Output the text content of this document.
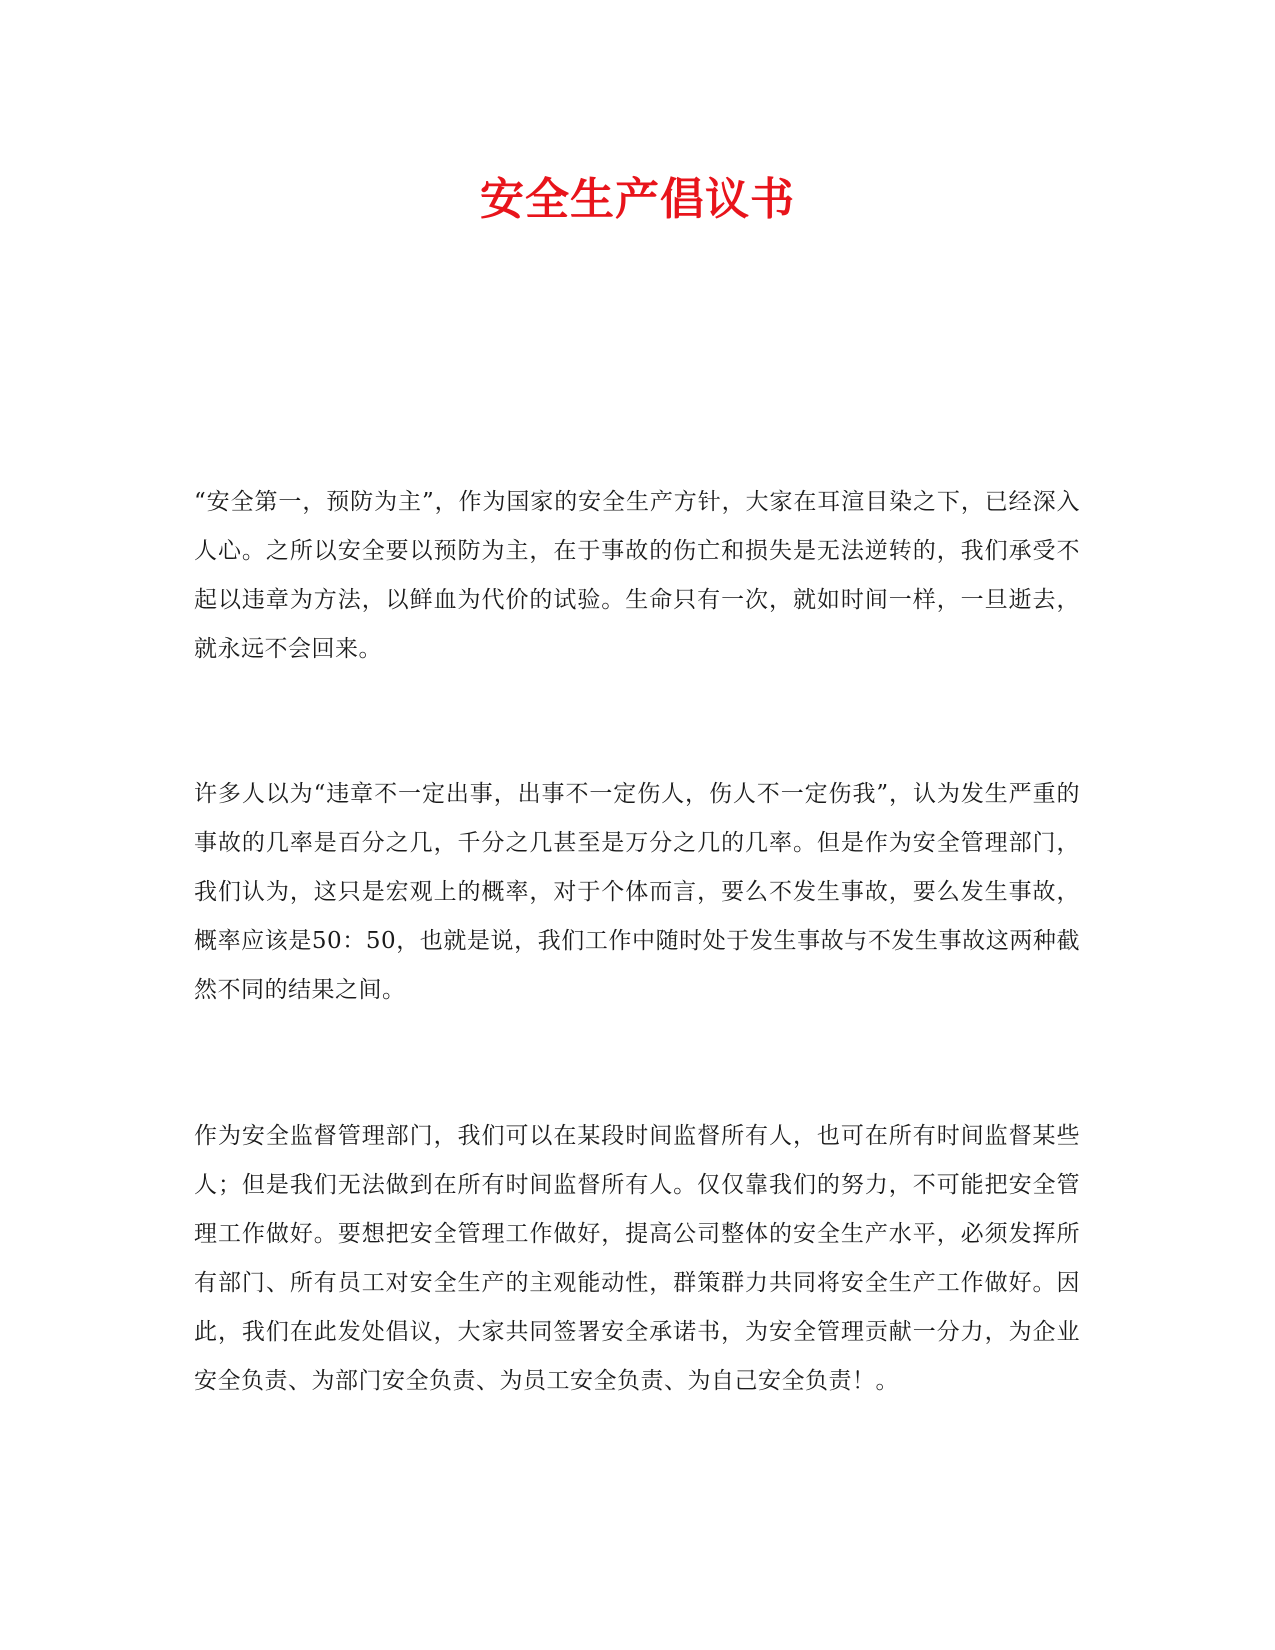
安全生产倡议书

“安全第一，预防为主”，作为国家的安全生产方针，大家在耳渲目染之下，已经深入人心。之所以安全要以预防为主，在于事故的伤亡和损失是无法逆转的，我们承受不起以违章为方法，以鲜血为代价的试验。生命只有一次，就如时间一样，一旦逝去，就永远不会回来。

许多人以为“违章不一定出事，出事不一定伤人，伤人不一定伤我”，认为发生严重的事故的几率是百分之几，千分之几甚至是万分之几的几率。但是作为安全管理部门，我们认为，这只是宏观上的概率，对于个体而言，要么不发生事故，要么发生事故，概率应该是50：50，也就是说，我们工作中随时处于发生事故与不发生事故这两种截然不同的结果之间。

作为安全监督管理部门，我们可以在某段时间监督所有人，也可在所有时间监督某些人；但是我们无法做到在所有时间监督所有人。仅仅靠我们的努力，不可能把安全管理工作做好。要想把安全管理工作做好，提高公司整体的安全生产水平，必须发挥所有部门、所有员工对安全生产的主观能动性，群策群力共同将安全生产工作做好。因此，我们在此发处倡议，大家共同签署安全承诺书，为安全管理贡献一分力，为企业安全负责、为部门安全负责、为员工安全负责、为自己安全负责！。
